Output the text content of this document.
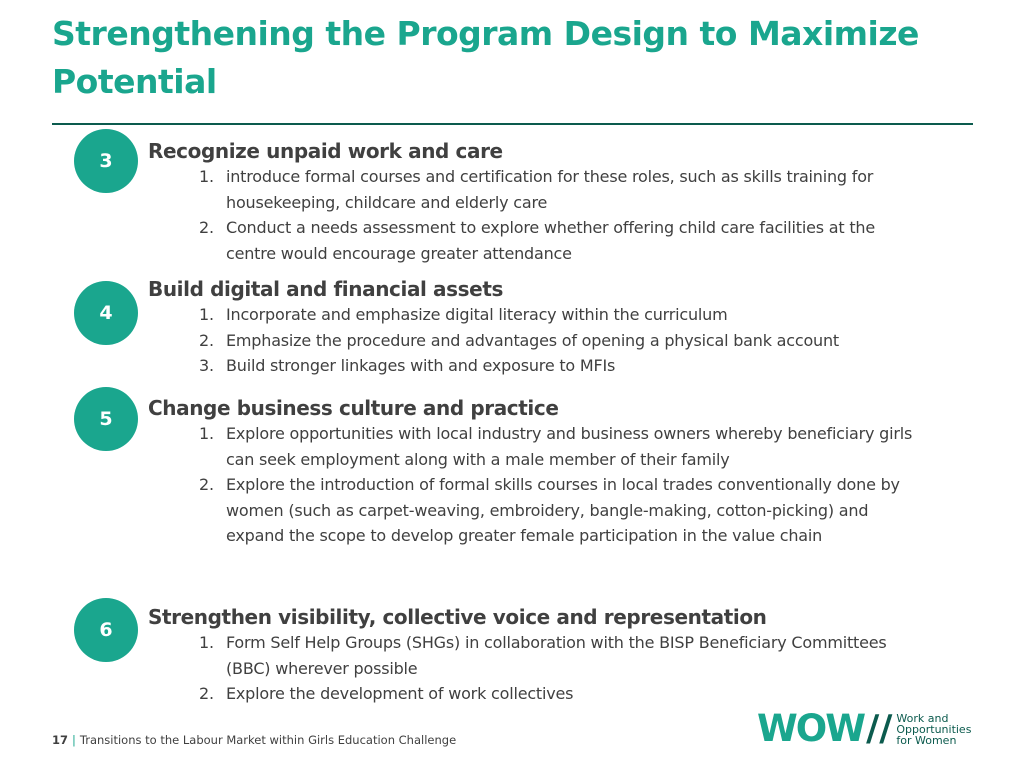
Strengthening the Program Design to Maximize Potential
3	Recognize unpaid work and care
1. introduce formal courses and certification for these roles, such as skills training for housekeeping, childcare and elderly care
2. Conduct a needs assessment to explore whether offering child care facilities at the centre would encourage greater attendance
4
Build digital and financial assets
1. Incorporate and emphasize digital literacy within the curriculum
2. Emphasize the procedure and advantages of opening a physical bank account
3. Build stronger linkages with and exposure to MFIs
5	Change business culture and practice
1. Explore opportunities with local industry and business owners whereby beneficiary girls can seek employment along with a male member of their family
2. Explore the introduction of formal skills courses in local trades conventionally done by women (such as carpet-weaving, embroidery, bangle-making, cotton-picking) and expand the scope to develop greater female participation in the value chain
6
Strengthen visibility, collective voice and representation
1. Form Self Help Groups (SHGs) in collaboration with the BISP Beneficiary Committees (BBC) wherever possible
2. Explore the development of work collectives
17 | Transitions to the Labour Market within Girls Education Challenge	WOW // Work and
Opportunities
for Women
